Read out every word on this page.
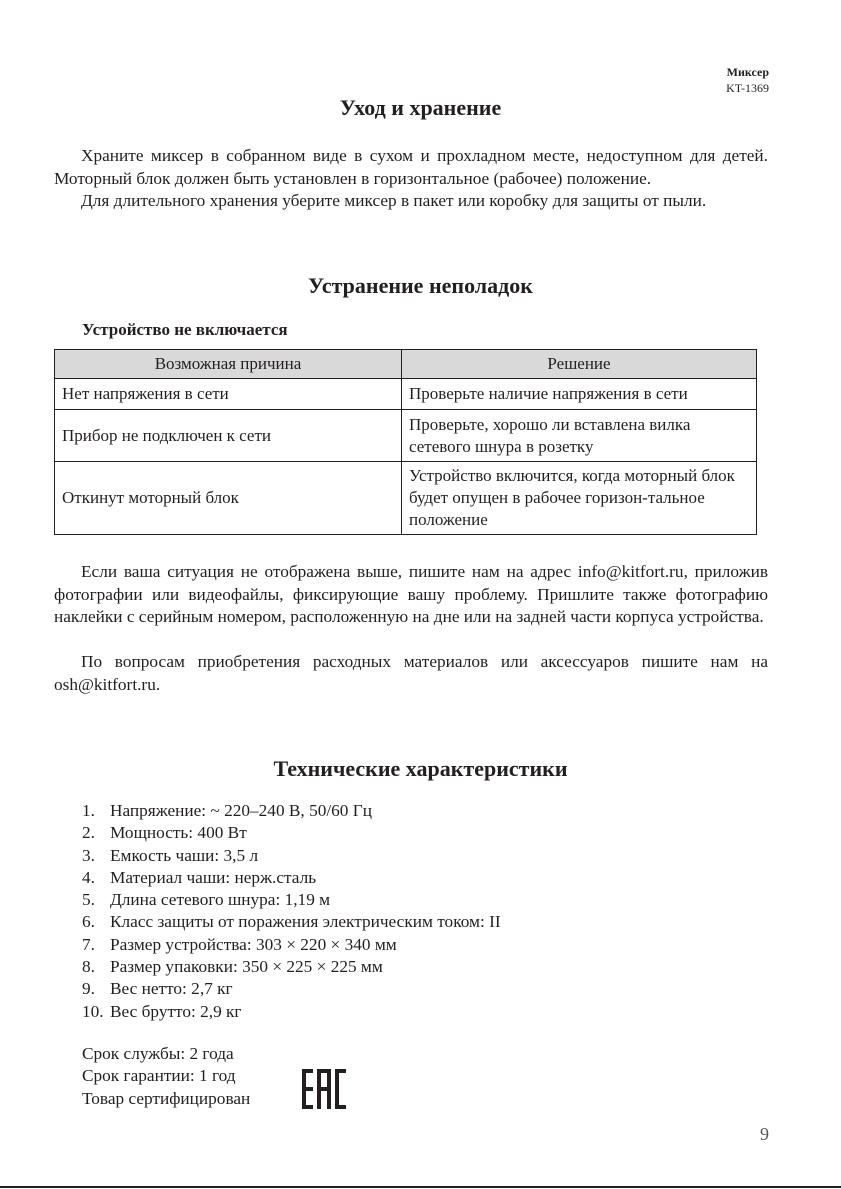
Миксер
KT-1369
Уход и хранение

Храните миксер в собранном виде в сухом и прохладном месте, недоступном для детей. Моторный блок должен быть установлен в горизонтальное (рабочее) положение.

Для длительного хранения уберите миксер в пакет или коробку для защиты от пыли.

Устранение неполадок
Устройство не включается
Возможная причина	Решение
Нет напряжения в сети	Проверьте наличие напряжения в сети
Прибор не подключен к сети	Проверьте, хорошо ли вставлена вилка сетевого шнура в розетку
Откинут моторный блок	Устройство включится, когда моторный блок будет опущен в рабочее горизон-тальное положение

Если ваша ситуация не отображена выше, пишите нам на адрес info@kitfort.ru, приложив фотографии или видеофайлы, фиксирующие вашу проблему. Пришлите также фотографию наклейки с серийным номером, расположенную на дне или на задней части корпуса устройства.

По вопросам приобретения расходных материалов или аксессуаров пишите нам на osh@kitfort.ru.

Технические характеристики
1. Напряжение: ~ 220–240 В, 50/60 Гц
2. Мощность: 400 Вт
3. Емкость чаши: 3,5 л
4. Материал чаши: нерж.сталь
5. Длина сетевого шнура: 1,19 м
6. Класс защиты от поражения электрическим током: II
7. Размер устройства: 303 × 220 × 340 мм
8. Размер упаковки: 350 × 225 × 225 мм
9. Вес нетто: 2,7 кг
10. Вес брутто: 2,9 кг
Срок службы: 2 года
Срок гарантии: 1 год
Товар сертифицирован
9
